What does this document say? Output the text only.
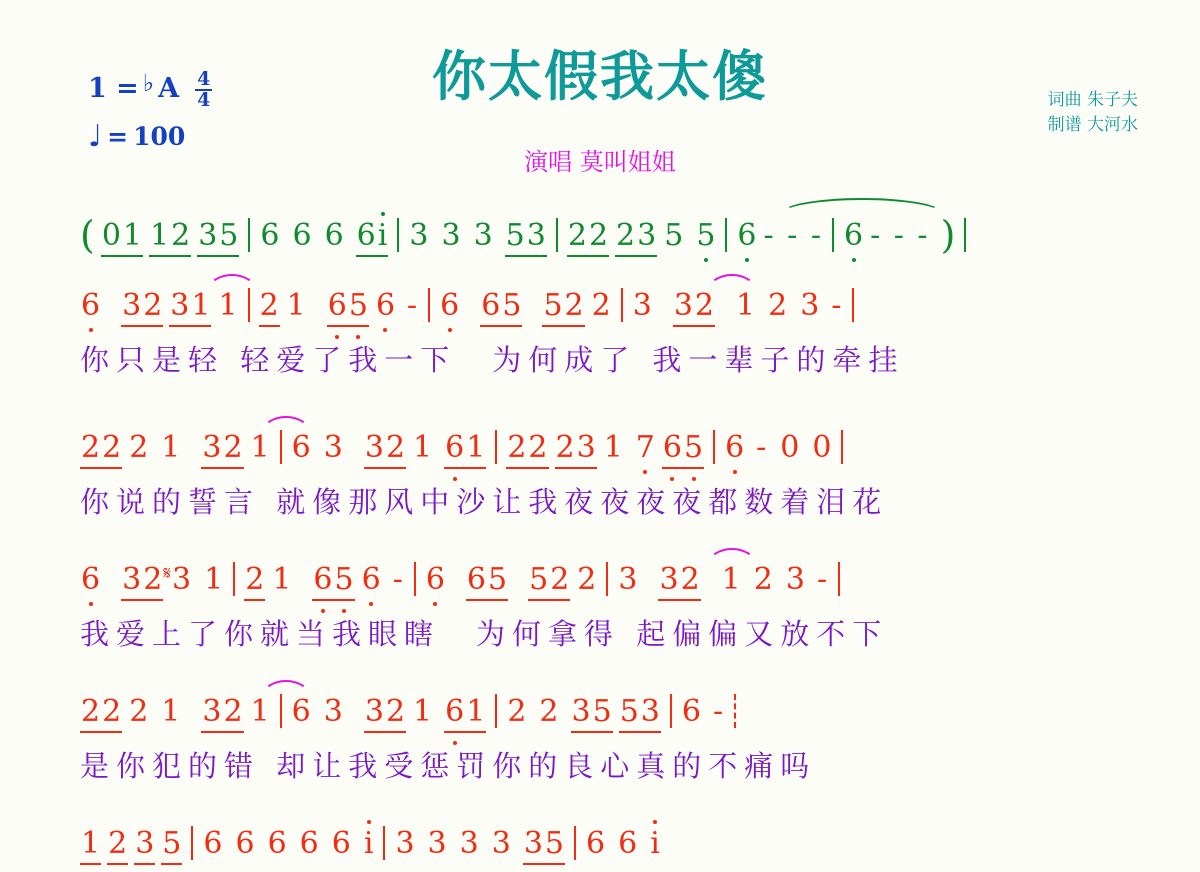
你太假我太傻
1 = ♭ A $\frac{4}{4}$
♩ = 100
词曲 朱子夫
制谱 大河水
演唱 莫叫姐姐
( 01 12 35 6 6 6 6i 3 3 3 53 22 23 5 5 6 - - - 6 - - - )
6 32 31 1 2 1 65 6 - 6 65 52 2 3 32 1 2 3 -
你只是轻 轻爱了我一下　为何成了 我一辈子的牵挂
22 2 1 32 1 6 3 32 1 61 22 23 1 7 65 6 - 0 0
你说的誓言 就像那风中沙让我夜夜夜夜都数着泪花
6 32𝄋3 1 2 1 65 6 - 6 65 52 2 3 32 1 2 3 -
我爱上了你就当我眼瞎　为何拿得 起偏偏又放不下
22 2 1 32 1 6 3 32 1 61 2 2 35 53 6 -
是你犯的错 却让我受惩罚你的良心真的不痛吗
1 2 3 5 6 6 6 6 6 i 3 3 3 3 35 6 6 i
